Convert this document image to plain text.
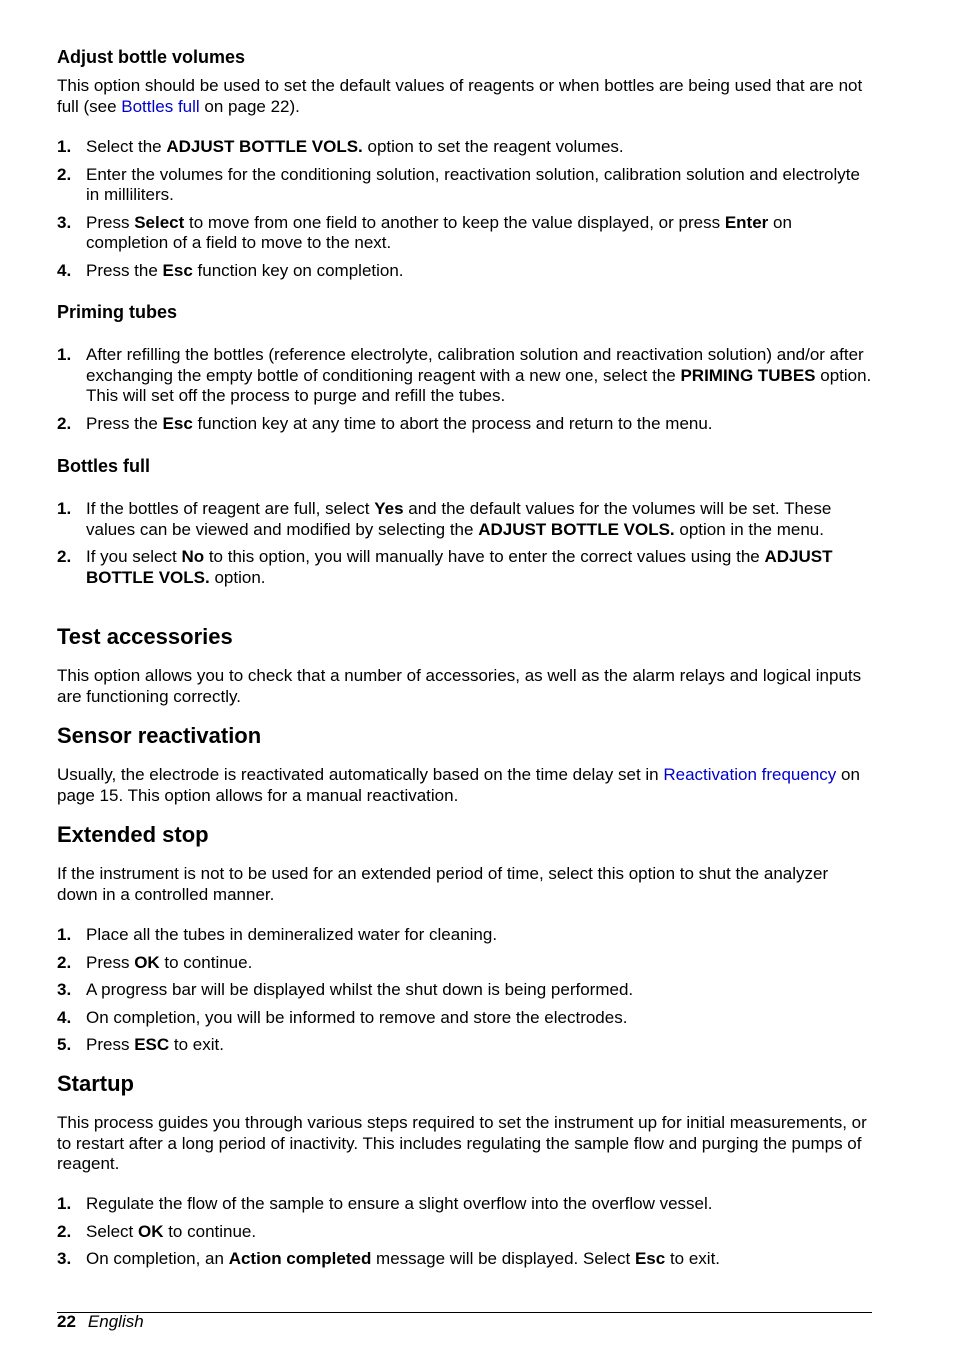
Adjust bottle volumes

This option should be used to set the default values of reagents or when bottles are being used that are not full (see Bottles full on page 22).

1. Select the ADJUST BOTTLE VOLS. option to set the reagent volumes.
2. Enter the volumes for the conditioning solution, reactivation solution, calibration solution and electrolyte in milliliters.
3. Press Select to move from one field to another to keep the value displayed, or press Enter on completion of a field to move to the next.
4. Press the Esc function key on completion.
Priming tubes
1. After refilling the bottles (reference electrolyte, calibration solution and reactivation solution) and/or after exchanging the empty bottle of conditioning reagent with a new one, select the PRIMING TUBES option. This will set off the process to purge and refill the tubes.
2. Press the Esc function key at any time to abort the process and return to the menu.
Bottles full
1. If the bottles of reagent are full, select Yes and the default values for the volumes will be set. These values can be viewed and modified by selecting the ADJUST BOTTLE VOLS. option in the menu.
2. If you select No to this option, you will manually have to enter the correct values using the ADJUST BOTTLE VOLS. option.
Test accessories

This option allows you to check that a number of accessories, as well as the alarm relays and logical inputs are functioning correctly.

Sensor reactivation

Usually, the electrode is reactivated automatically based on the time delay set in Reactivation frequency on page 15. This option allows for a manual reactivation.

Extended stop

If the instrument is not to be used for an extended period of time, select this option to shut the analyzer down in a controlled manner.

1. Place all the tubes in demineralized water for cleaning.
2. Press OK to continue.
3. A progress bar will be displayed whilst the shut down is being performed.
4. On completion, you will be informed to remove and store the electrodes.
5. Press ESC to exit.
Startup

This process guides you through various steps required to set the instrument up for initial measurements, or to restart after a long period of inactivity. This includes regulating the sample flow and purging the pumps of reagent.

1. Regulate the flow of the sample to ensure a slight overflow into the overflow vessel.
2. Select OK to continue.
3. On completion, an Action completed message will be displayed. Select Esc to exit.
22 English
